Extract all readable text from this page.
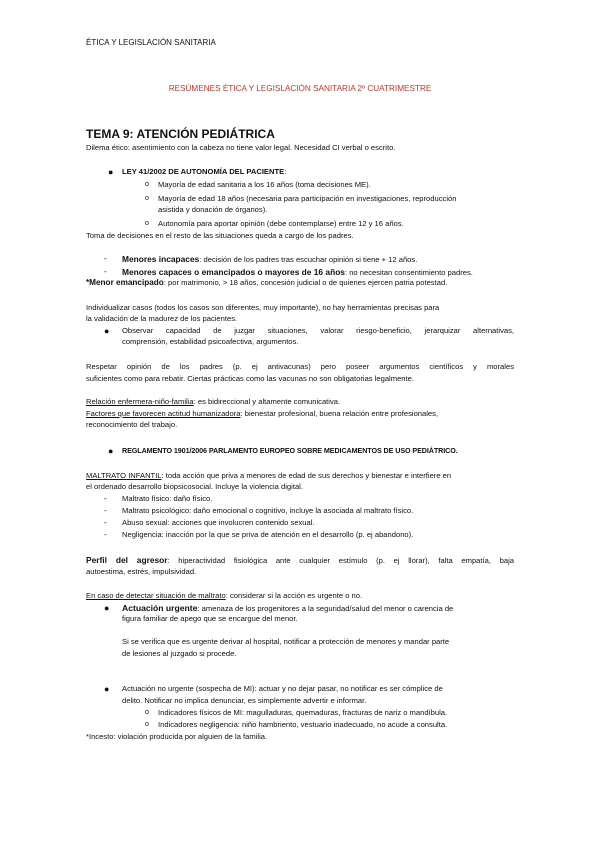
ÉTICA Y LEGISLACIÓN SANITARIA
RESÚMENES ÉTICA Y LEGISLACIÓN SANITARIA 2º CUATRIMESTRE
TEMA 9: ATENCIÓN PEDIÁTRICA
Dilema ético: asentimiento con la cabeza no tiene valor legal. Necesidad CI verbal o escrito.
● LEY 41/2002 DE AUTONOMÍA DEL PACIENTE:
o Mayoría de edad sanitaria a los 16 años (toma decisiones ME).
o Mayoría de edad 18 años (necesaria para participación en investigaciones, reproducción
asistida y donación de órganos).
o Autonomía para aportar opinión (debe contemplarse) entre 12 y 16 años.
Toma de decisiones en el resto de las situaciones queda a cargo de los padres.
- Menores incapaces: decisión de los padres tras escuchar opinión si tiene + 12 años.
- Menores capaces o emancipados o mayores de 16 años: no necesitan consentimiento padres.
*Menor emancipado: por matrimonio, > 18 años, concesión judicial o de quienes ejercen patria potestad.
Individualizar casos (todos los casos son diferentes, muy importante), no hay herramientas precisas para
la validación de la madurez de los pacientes.
● Observar capacidad de juzgar situaciones, valorar riesgo-beneficio, jerarquizar alternativas,
comprensión, estabilidad psicoafectiva, argumentos.
Respetar opinión de los padres (p. ej antivacunas) pero poseer argumentos científicos y morales
suficientes como para rebatir. Ciertas prácticas como las vacunas no son obligatorias legalmente.
Relación enfermera-niño-familia: es bidireccional y altamente comunicativa.
Factores que favorecen actitud humanizadora: bienestar profesional, buena relación entre profesionales,
reconocimiento del trabajo.
● REGLAMENTO 1901/2006 PARLAMENTO EUROPEO SOBRE MEDICAMENTOS DE USO PEDIÁTRICO.
MALTRATO INFANTIL: toda acción que priva a menores de edad de sus derechos y bienestar e interfiere en
el ordenado desarrollo biopsicosocial. Incluye la violencia digital.
- Maltrato físico: daño físico.
- Maltrato psicológico: daño emocional o cognitivo, incluye la asociada al maltrato físico.
- Abuso sexual: acciones que involucren contenido sexual.
- Negligencia: inacción por la que se priva de atención en el desarrollo (p. ej abandono).
Perfil del agresor: hiperactividad fisiológica ante cualquier estímulo (p. ej llorar), falta empatía, baja
autoestima, estrés, impulsividad.
En caso de detectar situación de maltrato: considerar si la acción es urgente o no.
● Actuación urgente: amenaza de los progenitores a la seguridad/salud del menor o carencia de
figura familiar de apego que se encargue del menor.
Si se verifica que es urgente derivar al hospital, notificar a protección de menores y mandar parte
de lesiones al juzgado si procede.
● Actuación no urgente (sospecha de MI): actuar y no dejar pasar, no notificar es ser cómplice de
delito. Notificar no implica denunciar, es simplemente advertir e informar.
o Indicadores físicos de MI: magulladuras, quemaduras, fracturas de nariz o mandíbula.
o Indicadores negligencia: niño hambriento, vestuario inadecuado, no acude a consulta.
*Incesto: violación producida por alguien de la familia.
